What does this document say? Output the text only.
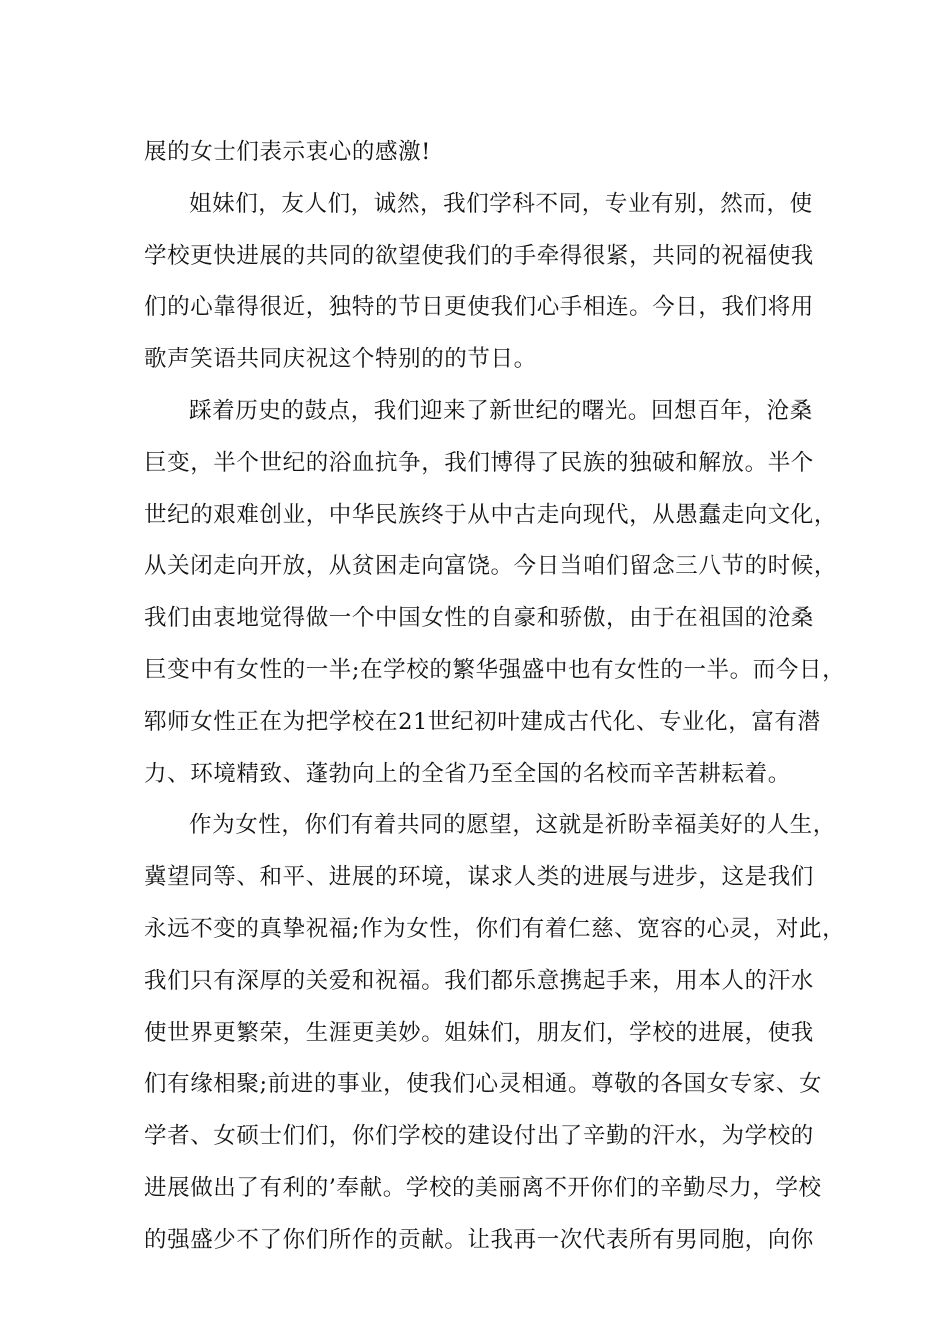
展的女士们表示衷心的感激!
姐妹们，友人们，诚然，我们学科不同，专业有别，然而，使
学校更快进展的共同的欲望使我们的手牵得很紧，共同的祝福使我
们的心靠得很近，独特的节日更使我们心手相连。今日，我们将用
歌声笑语共同庆祝这个特别的的节日。
踩着历史的鼓点，我们迎来了新世纪的曙光。回想百年，沧桑
巨变，半个世纪的浴血抗争，我们博得了民族的独破和解放。半个
世纪的艰难创业，中华民族终于从中古走向现代，从愚蠢走向文化，
从关闭走向开放，从贫困走向富饶。今日当咱们留念三八节的时候，
我们由衷地觉得做一个中国女性的自豪和骄傲，由于在祖国的沧桑
巨变中有女性的一半;在学校的繁华强盛中也有女性的一半。而今日，
郓师女性正在为把学校在21世纪初叶建成古代化、专业化，富有潜
力、环境精致、蓬勃向上的全省乃至全国的名校而辛苦耕耘着。
作为女性，你们有着共同的愿望，这就是祈盼幸福美好的人生，
冀望同等、和平、进展的环境，谋求人类的进展与进步，这是我们
永远不变的真挚祝福;作为女性，你们有着仁慈、宽容的心灵，对此，
我们只有深厚的关爱和祝福。我们都乐意携起手来，用本人的汗水
使世界更繁荣，生涯更美妙。姐妹们，朋友们，学校的进展，使我
们有缘相聚;前进的事业，使我们心灵相通。尊敬的各国女专家、女
学者、女硕士们们，你们学校的建设付出了辛勤的汗水，为学校的
进展做出了有利的’奉献。学校的美丽离不开你们的辛勤尽力，学校
的强盛少不了你们所作的贡献。让我再一次代表所有男同胞，向你
